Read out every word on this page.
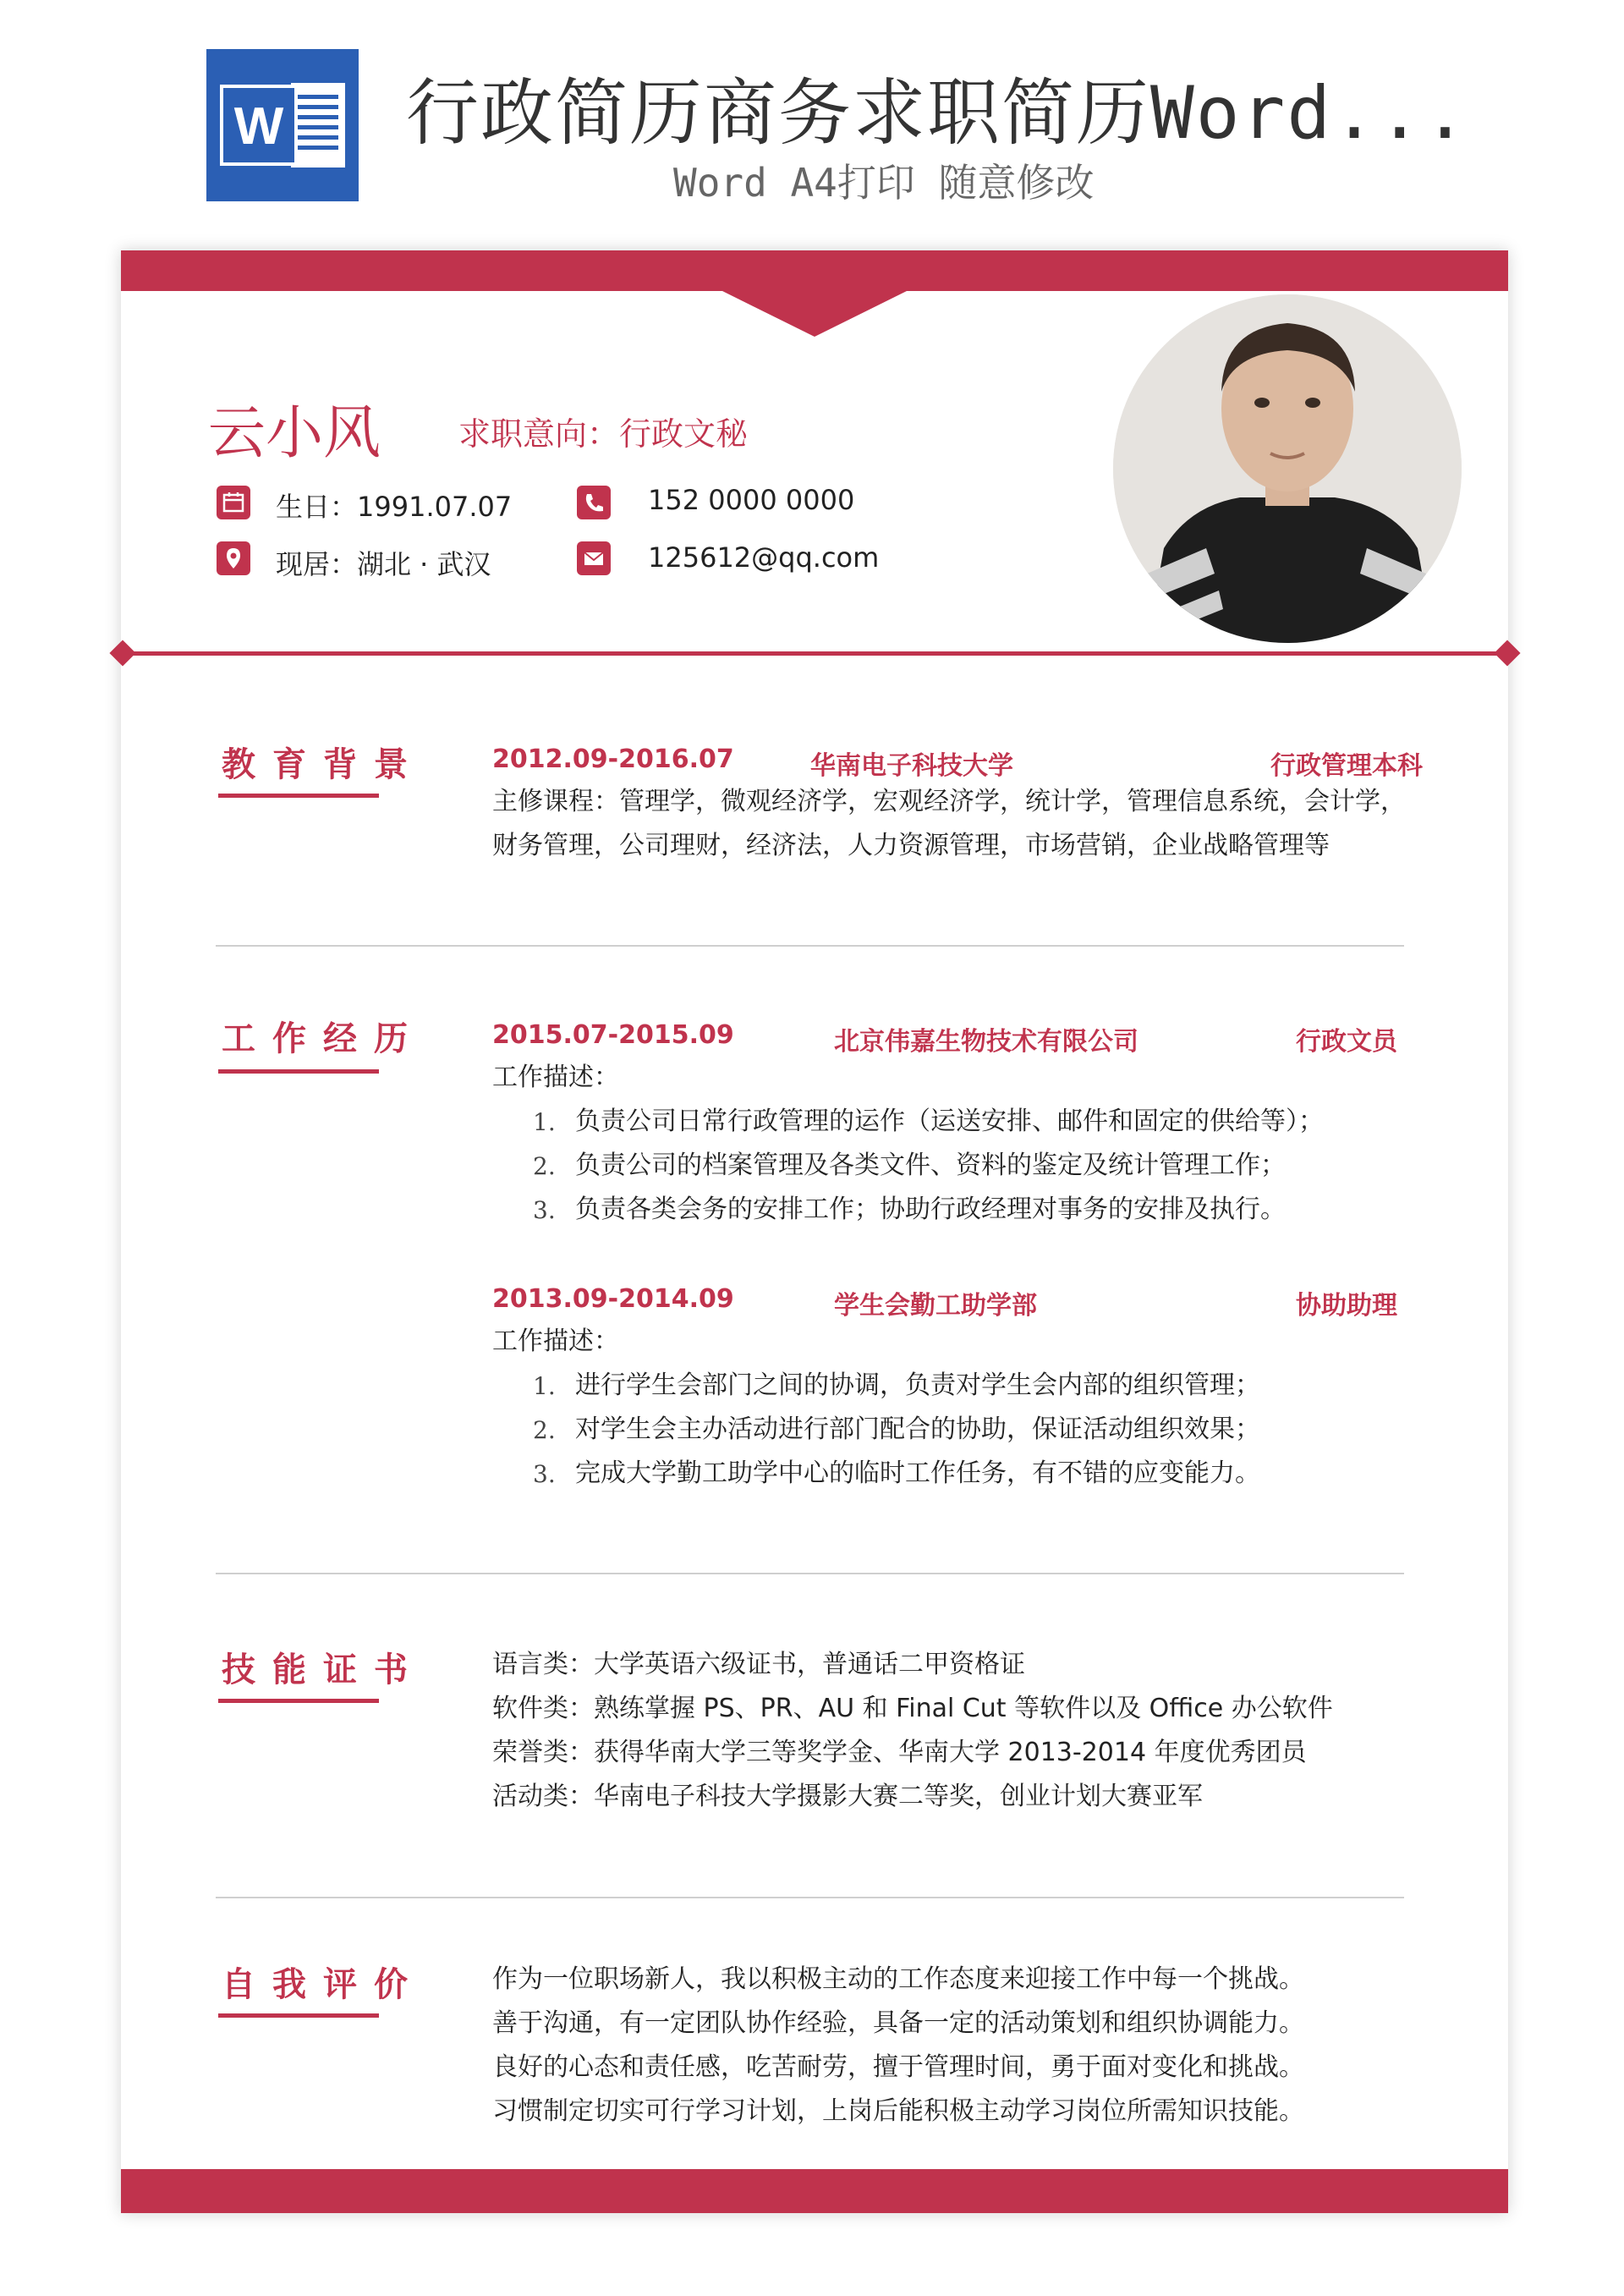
W 行政简历商务求职简历Word...
Word A4打印 随意修改
云小风 求职意向：行政文秘
生日：1991.07.07	152 0000 0000
现居：湖北 · 武汉	125612@qq.com
教育背景	2012.09-2016.07	华南电子科技大学	行政管理本科
主修课程：管理学，微观经济学，宏观经济学，统计学，管理信息系统，会计学，
财务管理，公司理财，经济法，人力资源管理，市场营销，企业战略管理等
工作经历	2015.07-2015.09	北京伟嘉生物技术有限公司	行政文员
工作描述：
1. 负责公司日常行政管理的运作（运送安排、邮件和固定的供给等）；
2. 负责公司的档案管理及各类文件、资料的鉴定及统计管理工作；
3. 负责各类会务的安排工作；协助行政经理对事务的安排及执行。
2013.09-2014.09	学生会勤工助学部	协助助理
工作描述：
1. 进行学生会部门之间的协调，负责对学生会内部的组织管理；
2. 对学生会主办活动进行部门配合的协助，保证活动组织效果；
3. 完成大学勤工助学中心的临时工作任务，有不错的应变能力。
技能证书	语言类：大学英语六级证书，普通话二甲资格证
软件类：熟练掌握 PS、PR、AU 和 Final Cut 等软件以及 Office 办公软件
荣誉类：获得华南大学三等奖学金、华南大学 2013-2014 年度优秀团员
活动类：华南电子科技大学摄影大赛二等奖，创业计划大赛亚军
自我评价	作为一位职场新人，我以积极主动的工作态度来迎接工作中每一个挑战。
善于沟通，有一定团队协作经验，具备一定的活动策划和组织协调能力。
良好的心态和责任感，吃苦耐劳，擅于管理时间，勇于面对变化和挑战。
习惯制定切实可行学习计划，上岗后能积极主动学习岗位所需知识技能。
